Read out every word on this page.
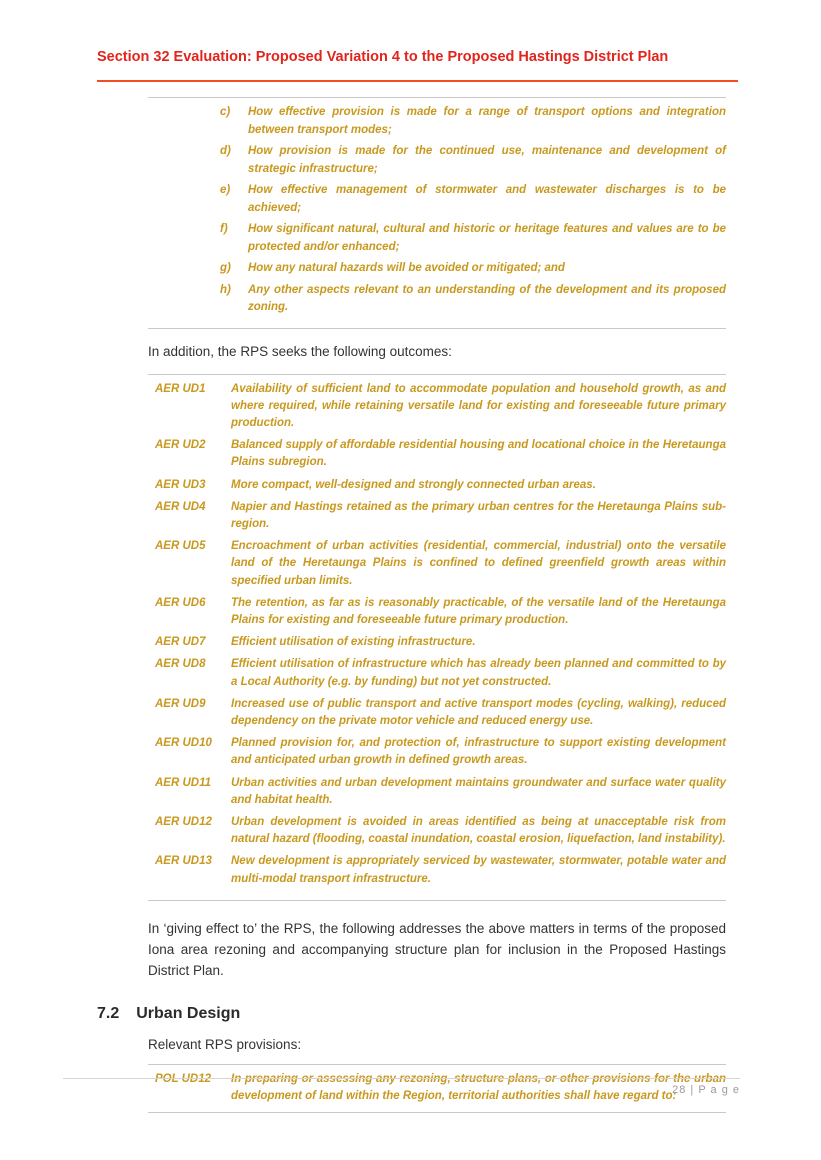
Section 32 Evaluation: Proposed Variation 4 to the Proposed Hastings District Plan
c)	How effective provision is made for a range of transport options and integration between transport modes;
d)	How provision is made for the continued use, maintenance and development of strategic infrastructure;
e)	How effective management of stormwater and wastewater discharges is to be achieved;
f)	How significant natural, cultural and historic or heritage features and values are to be protected and/or enhanced;
g)	How any natural hazards will be avoided or mitigated; and
h)	Any other aspects relevant to an understanding of the development and its proposed zoning.

In addition, the RPS seeks the following outcomes:

AER UD1	Availability of sufficient land to accommodate population and household growth, as and where required, while retaining versatile land for existing and foreseeable future primary production.
AER UD2	Balanced supply of affordable residential housing and locational choice in the Heretaunga Plains subregion.
AER UD3	More compact, well-designed and strongly connected urban areas.
AER UD4	Napier and Hastings retained as the primary urban centres for the Heretaunga Plains sub-region.
AER UD5	Encroachment of urban activities (residential, commercial, industrial) onto the versatile land of the Heretaunga Plains is confined to defined greenfield growth areas within specified urban limits.
AER UD6	The retention, as far as is reasonably practicable, of the versatile land of the Heretaunga Plains for existing and foreseeable future primary production.
AER UD7	Efficient utilisation of existing infrastructure.
AER UD8	Efficient utilisation of infrastructure which has already been planned and committed to by a Local Authority (e.g. by funding) but not yet constructed.
AER UD9	Increased use of public transport and active transport modes (cycling, walking), reduced dependency on the private motor vehicle and reduced energy use.
AER UD10	Planned provision for, and protection of, infrastructure to support existing development and anticipated urban growth in defined growth areas.
AER UD11	Urban activities and urban development maintains groundwater and surface water quality and habitat health.
AER UD12	Urban development is avoided in areas identified as being at unacceptable risk from natural hazard (flooding, coastal inundation, coastal erosion, liquefaction, land instability).
AER UD13	New development is appropriately serviced by wastewater, stormwater, potable water and multi-modal transport infrastructure.

In ‘giving effect to’ the RPS, the following addresses the above matters in terms of the proposed Iona area rezoning and accompanying structure plan for inclusion in the Proposed Hastings District Plan.

7.2 Urban Design

Relevant RPS provisions:

POL UD12	In preparing or assessing any rezoning, structure plans, or other provisions for the urban development of land within the Region, territorial authorities shall have regard to:
28 | P a g e
